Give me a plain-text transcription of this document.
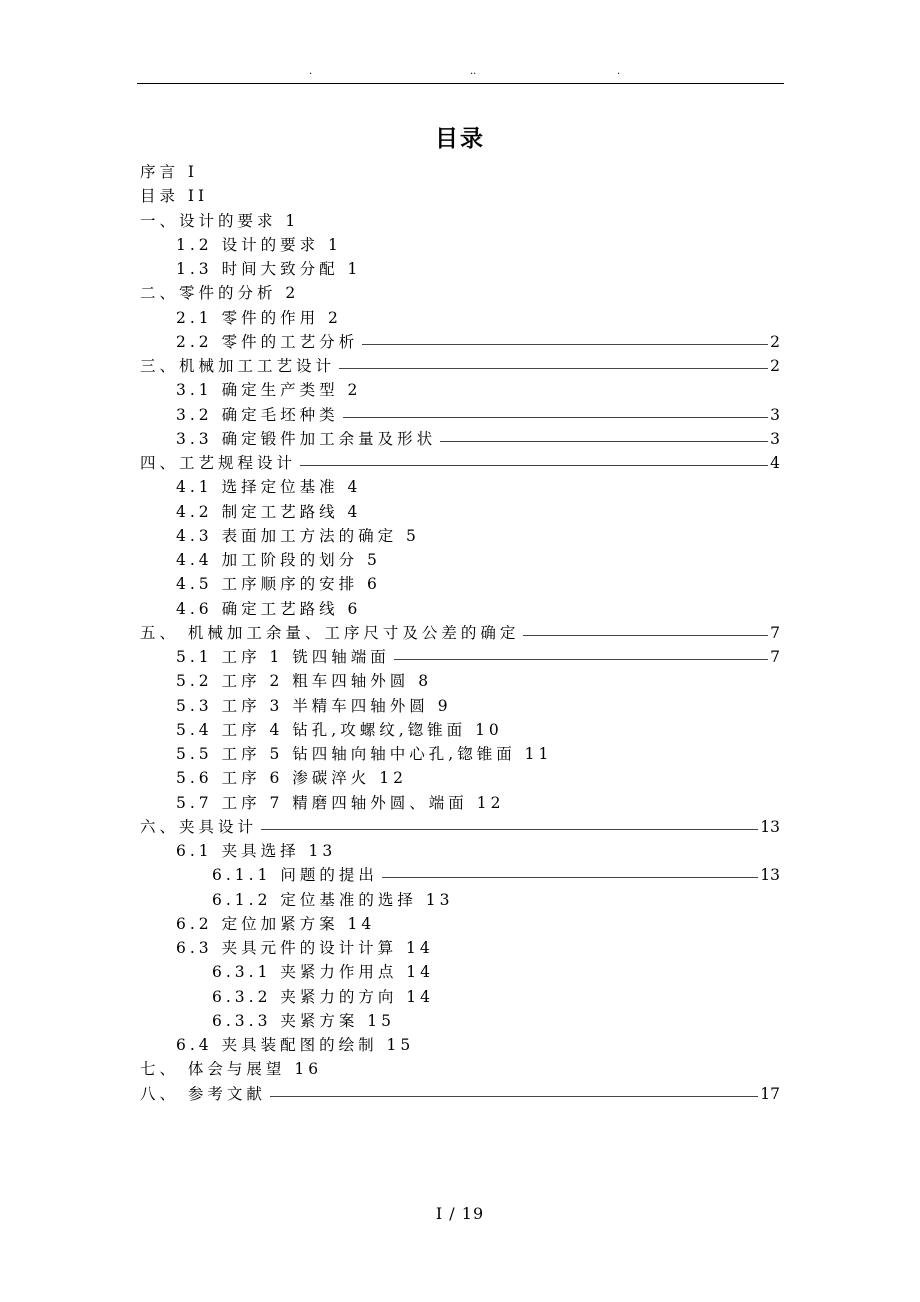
.	..	.
目录
序言 I
目录 II
一、设计的要求 1
1.2 设计的要求 1
1.3 时间大致分配 1
二、零件的分析 2
2.1 零件的作用 2
2.2 零件的工艺分析	2
三、机械加工工艺设计	2
3.1 确定生产类型 2
3.2 确定毛坯种类	3
3.3 确定锻件加工余量及形状	3
四、工艺规程设计	4
4.1 选择定位基准 4
4.2 制定工艺路线 4
4.3 表面加工方法的确定 5
4.4 加工阶段的划分 5
4.5 工序顺序的安排 6
4.6 确定工艺路线 6
五、 机械加工余量、工序尺寸及公差的确定	7
5.1 工序 1 铣四轴端面	7
5.2 工序 2 粗车四轴外圆 8
5.3 工序 3 半精车四轴外圆 9
5.4 工序 4 钻孔,攻螺纹,锪锥面 10
5.5 工序 5 钻四轴向轴中心孔,锪锥面 11
5.6 工序 6 渗碳淬火 12
5.7 工序 7 精磨四轴外圆、端面 12
六、夹具设计	13
6.1 夹具选择 13
6.1.1 问题的提出	13
6.1.2 定位基准的选择 13
6.2 定位加紧方案 14
6.3 夹具元件的设计计算 14
6.3.1 夹紧力作用点 14
6.3.2 夹紧力的方向 14
6.3.3 夹紧方案 15
6.4 夹具装配图的绘制 15
七、 体会与展望 16
八、 参考文献	17
I / 19
